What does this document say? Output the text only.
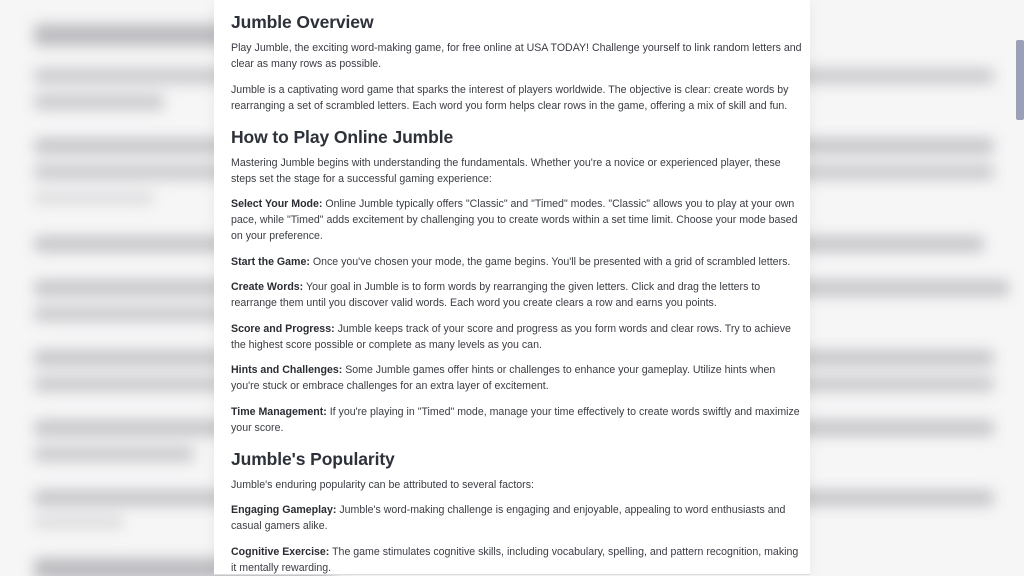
Jumble Overview

Play Jumble, the exciting word-making game, for free online at USA TODAY! Challenge yourself to link random letters and clear as many rows as possible.

Jumble is a captivating word game that sparks the interest of players worldwide. The objective is clear: create words by rearranging a set of scrambled letters. Each word you form helps clear rows in the game, offering a mix of skill and fun.

How to Play Online Jumble

Mastering Jumble begins with understanding the fundamentals. Whether you're a novice or experienced player, these steps set the stage for a successful gaming experience:

Select Your Mode: Online Jumble typically offers "Classic" and "Timed" modes. "Classic" allows you to play at your own pace, while "Timed" adds excitement by challenging you to create words within a set time limit. Choose your mode based on your preference.

Start the Game: Once you've chosen your mode, the game begins. You'll be presented with a grid of scrambled letters.

Create Words: Your goal in Jumble is to form words by rearranging the given letters. Click and drag the letters to rearrange them until you discover valid words. Each word you create clears a row and earns you points.

Score and Progress: Jumble keeps track of your score and progress as you form words and clear rows. Try to achieve the highest score possible or complete as many levels as you can.

Hints and Challenges: Some Jumble games offer hints or challenges to enhance your gameplay. Utilize hints when you're stuck or embrace challenges for an extra layer of excitement.

Time Management: If you're playing in "Timed" mode, manage your time effectively to create words swiftly and maximize your score.

Jumble's Popularity

Jumble's enduring popularity can be attributed to several factors:

Engaging Gameplay: Jumble's word-making challenge is engaging and enjoyable, appealing to word enthusiasts and casual gamers alike.

Cognitive Exercise: The game stimulates cognitive skills, including vocabulary, spelling, and pattern recognition, making it mentally rewarding.
